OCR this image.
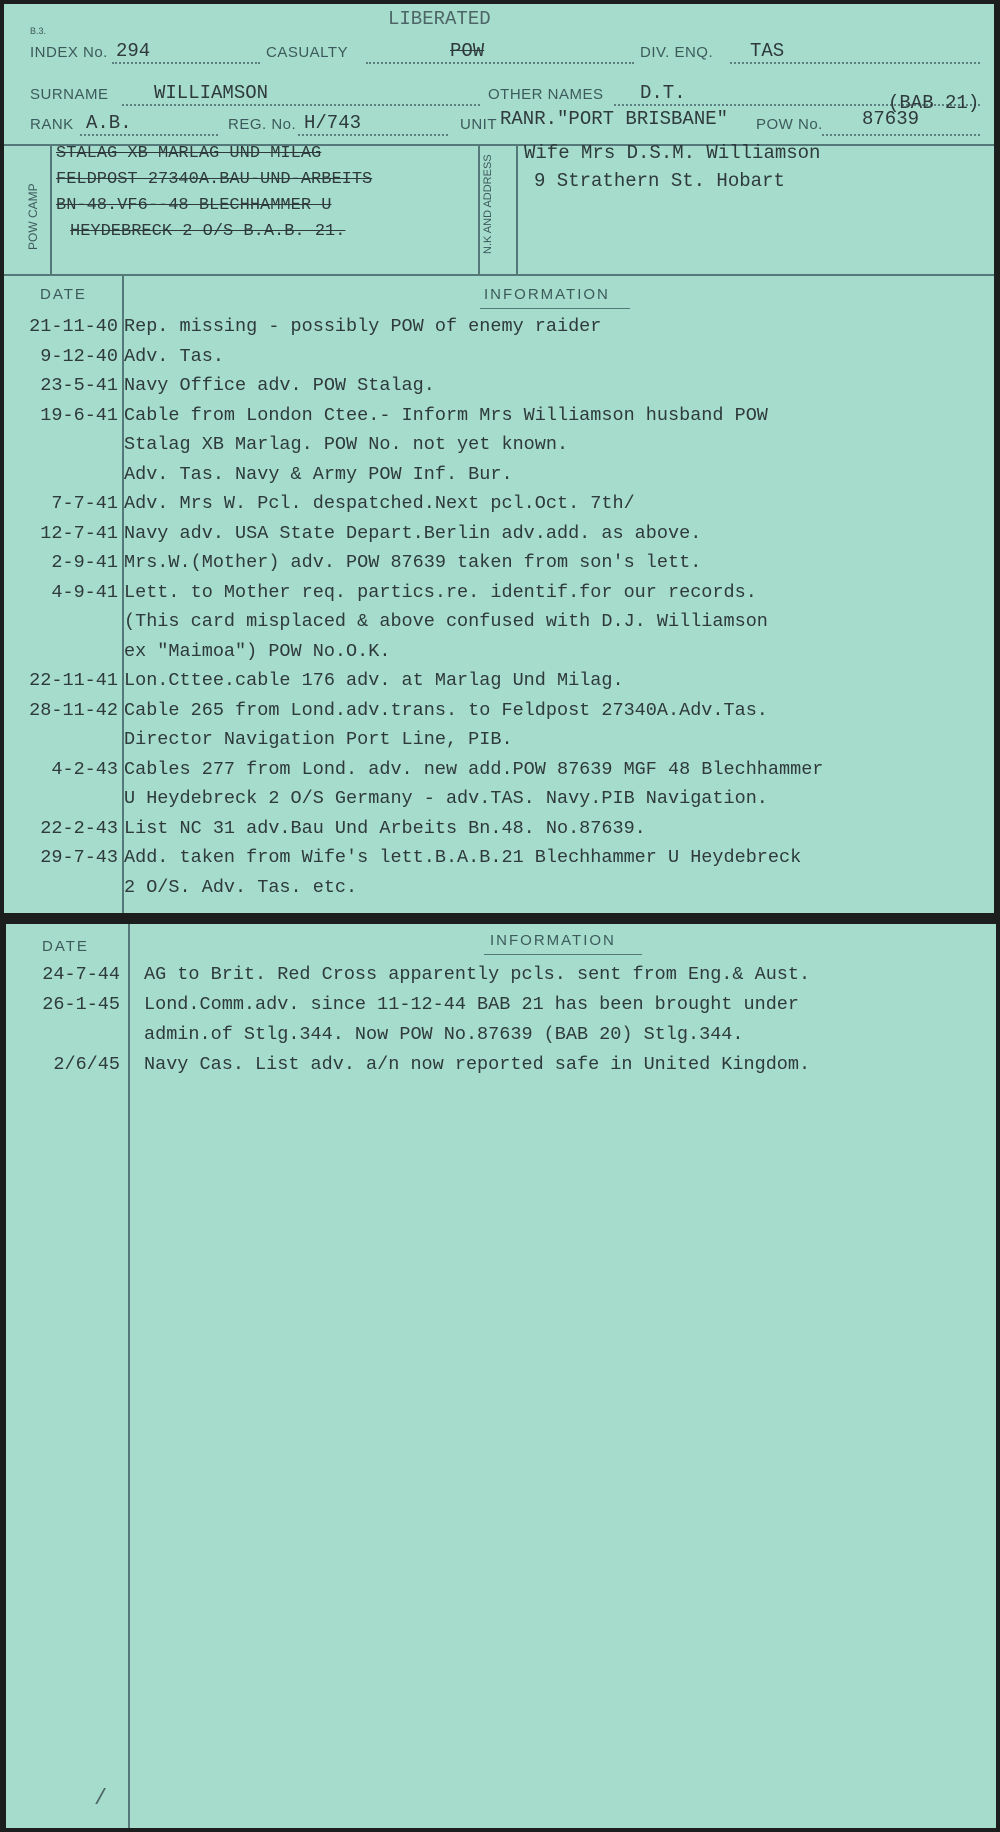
LIBERATED
B.3.
INDEX No. 294	CASUALTY	POW	DIV. ENQ. TAS
SURNAME WILLIAMSON	OTHER NAMES D.T.	(BAB 21)
RANK A.B.	REG. No. H/743	UNIT RANR."PORT BRISBANE" POW No. 87639
POW CAMP
STALAG XB MARLAG UND MILAG
FELDPOST 27340A.BAU-UND-ARBEITS
BN-48.VF6--48 BLECHHAMMER U
HEYDEBRECK 2 O/S B.A.B. 21.	N.K AND ADDRESS
Wife Mrs D.S.M. Williamson
9 Strathern St. Hobart
DATE	INFORMATION
21-11-40 Rep. missing - possibly POW of enemy raider
9-12-40 Adv. Tas.
23-5-41 Navy Office adv. POW Stalag.
19-6-41 Cable from London Ctee.- Inform Mrs Williamson husband POW
Stalag XB Marlag. POW No. not yet known.
Adv. Tas. Navy & Army POW Inf. Bur.
7-7-41 Adv. Mrs W. Pcl. despatched.Next pcl.Oct. 7th/
12-7-41 Navy adv. USA State Depart.Berlin adv.add. as above.
2-9-41 Mrs.W.(Mother) adv. POW 87639 taken from son's lett.
4-9-41 Lett. to Mother req. partics.re. identif.for our records.
(This card misplaced & above confused with D.J. Williamson
ex "Maimoa") POW No.O.K.
22-11-41 Lon.Cttee.cable 176 adv. at Marlag Und Milag.
28-11-42 Cable 265 from Lond.adv.trans. to Feldpost 27340A.Adv.Tas.
Director Navigation Port Line, PIB.
4-2-43 Cables 277 from Lond. adv. new add.POW 87639 MGF 48 Blechhammer
U Heydebreck 2 O/S Germany - adv.TAS. Navy.PIB Navigation.
22-2-43 List NC 31 adv.Bau Und Arbeits Bn.48. No.87639.
29-7-43 Add. taken from Wife's lett.B.A.B.21 Blechhammer U Heydebreck
2 O/S. Adv. Tas. etc.
DATE	INFORMATION
24-7-44 AG to Brit. Red Cross apparently pcls. sent from Eng.& Aust.
26-1-45 Lond.Comm.adv. since 11-12-44 BAB 21 has been brought under
admin.of Stlg.344. Now POW No.87639 (BAB 20) Stlg.344.
2/6/45 Navy Cas. List adv. a/n now reported safe in United Kingdom.
/
